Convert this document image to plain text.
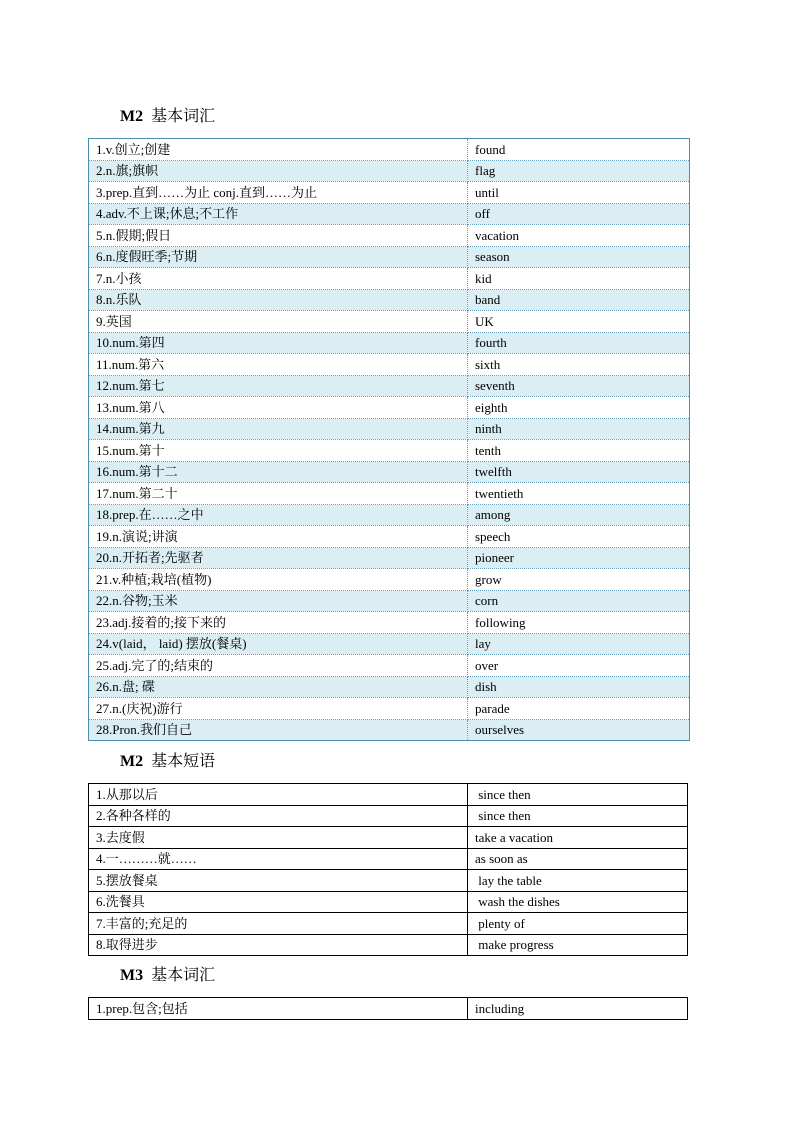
M2 基本词汇
1.v.创立;创建	found
2.n.旗;旗帜	flag
3.prep.直到……为止 conj.直到……为止	until
4.adv.不上课;休息;不工作	off
5.n.假期;假日	vacation
6.n.度假旺季;节期	season
7.n.小孩	kid
8.n.乐队	band
9.英国	UK
10.num.第四	fourth
11.num.第六	sixth
12.num.第七	seventh
13.num.第八	eighth
14.num.第九	ninth
15.num.第十	tenth
16.num.第十二	twelfth
17.num.第二十	twentieth
18.prep.在……之中	among
19.n.演说;讲演	speech
20.n.开拓者;先驱者	pioneer
21.v.种植;栽培(植物)	grow
22.n.谷物;玉米	corn
23.adj.接着的;接下来的	following
24.v(laid， laid) 摆放(餐桌)	lay
25.adj.完了的;结束的	over
26.n.盘; 碟	dish
27.n.(庆祝)游行	parade
28.Pron.我们自己	ourselves
M2 基本短语
1.从那以后	since then
2.各种各样的	since then
3.去度假	take a vacation
4.一………就……	as soon as
5.摆放餐桌	lay the table
6.洗餐具	wash the dishes
7.丰富的;充足的	plenty of
8.取得进步	make progress
M3 基本词汇
1.prep.包含;包括	including
